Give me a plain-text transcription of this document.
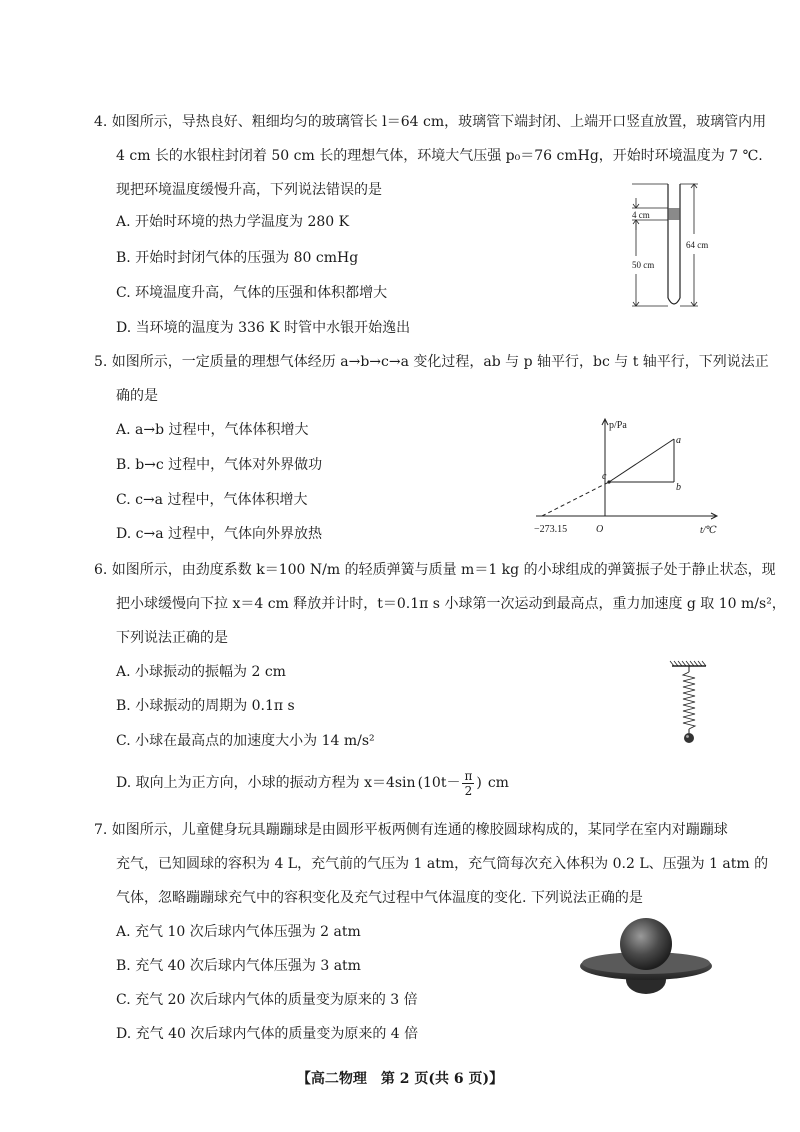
4. 如图所示，导热良好、粗细均匀的玻璃管长 l＝64 cm，玻璃管下端封闭、上端开口竖直放置，玻璃管内用
4 cm 长的水银柱封闭着 50 cm 长的理想气体，环境大气压强 p₀＝76 cmHg，开始时环境温度为 7 ℃.
现把环境温度缓慢升高，下列说法错误的是
A. 开始时环境的热力学温度为 280 K
B. 开始时封闭气体的压强为 80 cmHg
C. 环境温度升高，气体的压强和体积都增大
D. 当环境的温度为 336 K 时管中水银开始逸出
4 cm
50 cm
64 cm
5. 如图所示，一定质量的理想气体经历 a→b→c→a 变化过程，ab 与 p 轴平行，bc 与 t 轴平行，下列说法正
确的是
A. a→b 过程中，气体体积增大
B. b→c 过程中，气体对外界做功
C. c→a 过程中，气体体积增大
D. c→a 过程中，气体向外界放热
p/Pa
t/℃
O
−273.15
a
b
c
6. 如图所示，由劲度系数 k＝100 N/m 的轻质弹簧与质量 m＝1 kg 的小球组成的弹簧振子处于静止状态，现
把小球缓慢向下拉 x＝4 cm 释放并计时，t＝0.1π s 小球第一次运动到最高点，重力加速度 g 取 10 m/s²，
下列说法正确的是
A. 小球振动的振幅为 2 cm
B. 小球振动的周期为 0.1π s
C. 小球在最高点的加速度大小为 14 m/s²
D. 取向上为正方向，小球的振动方程为 x＝4sin ($10t- \frac{\pi}{2}$ ) cm
7. 如图所示，儿童健身玩具蹦蹦球是由圆形平板两侧有连通的橡胶圆球构成的，某同学在室内对蹦蹦球
充气，已知圆球的容积为 4 L，充气前的气压为 1 atm，充气筒每次充入体积为 0.2 L、压强为 1 atm 的
气体，忽略蹦蹦球充气中的容积变化及充气过程中气体温度的变化. 下列说法正确的是
A. 充气 10 次后球内气体压强为 2 atm
B. 充气 40 次后球内气体压强为 3 atm
C. 充气 20 次后球内气体的质量变为原来的 3 倍
D. 充气 40 次后球内气体的质量变为原来的 4 倍
【高二物理　第 2 页(共 6 页)】
